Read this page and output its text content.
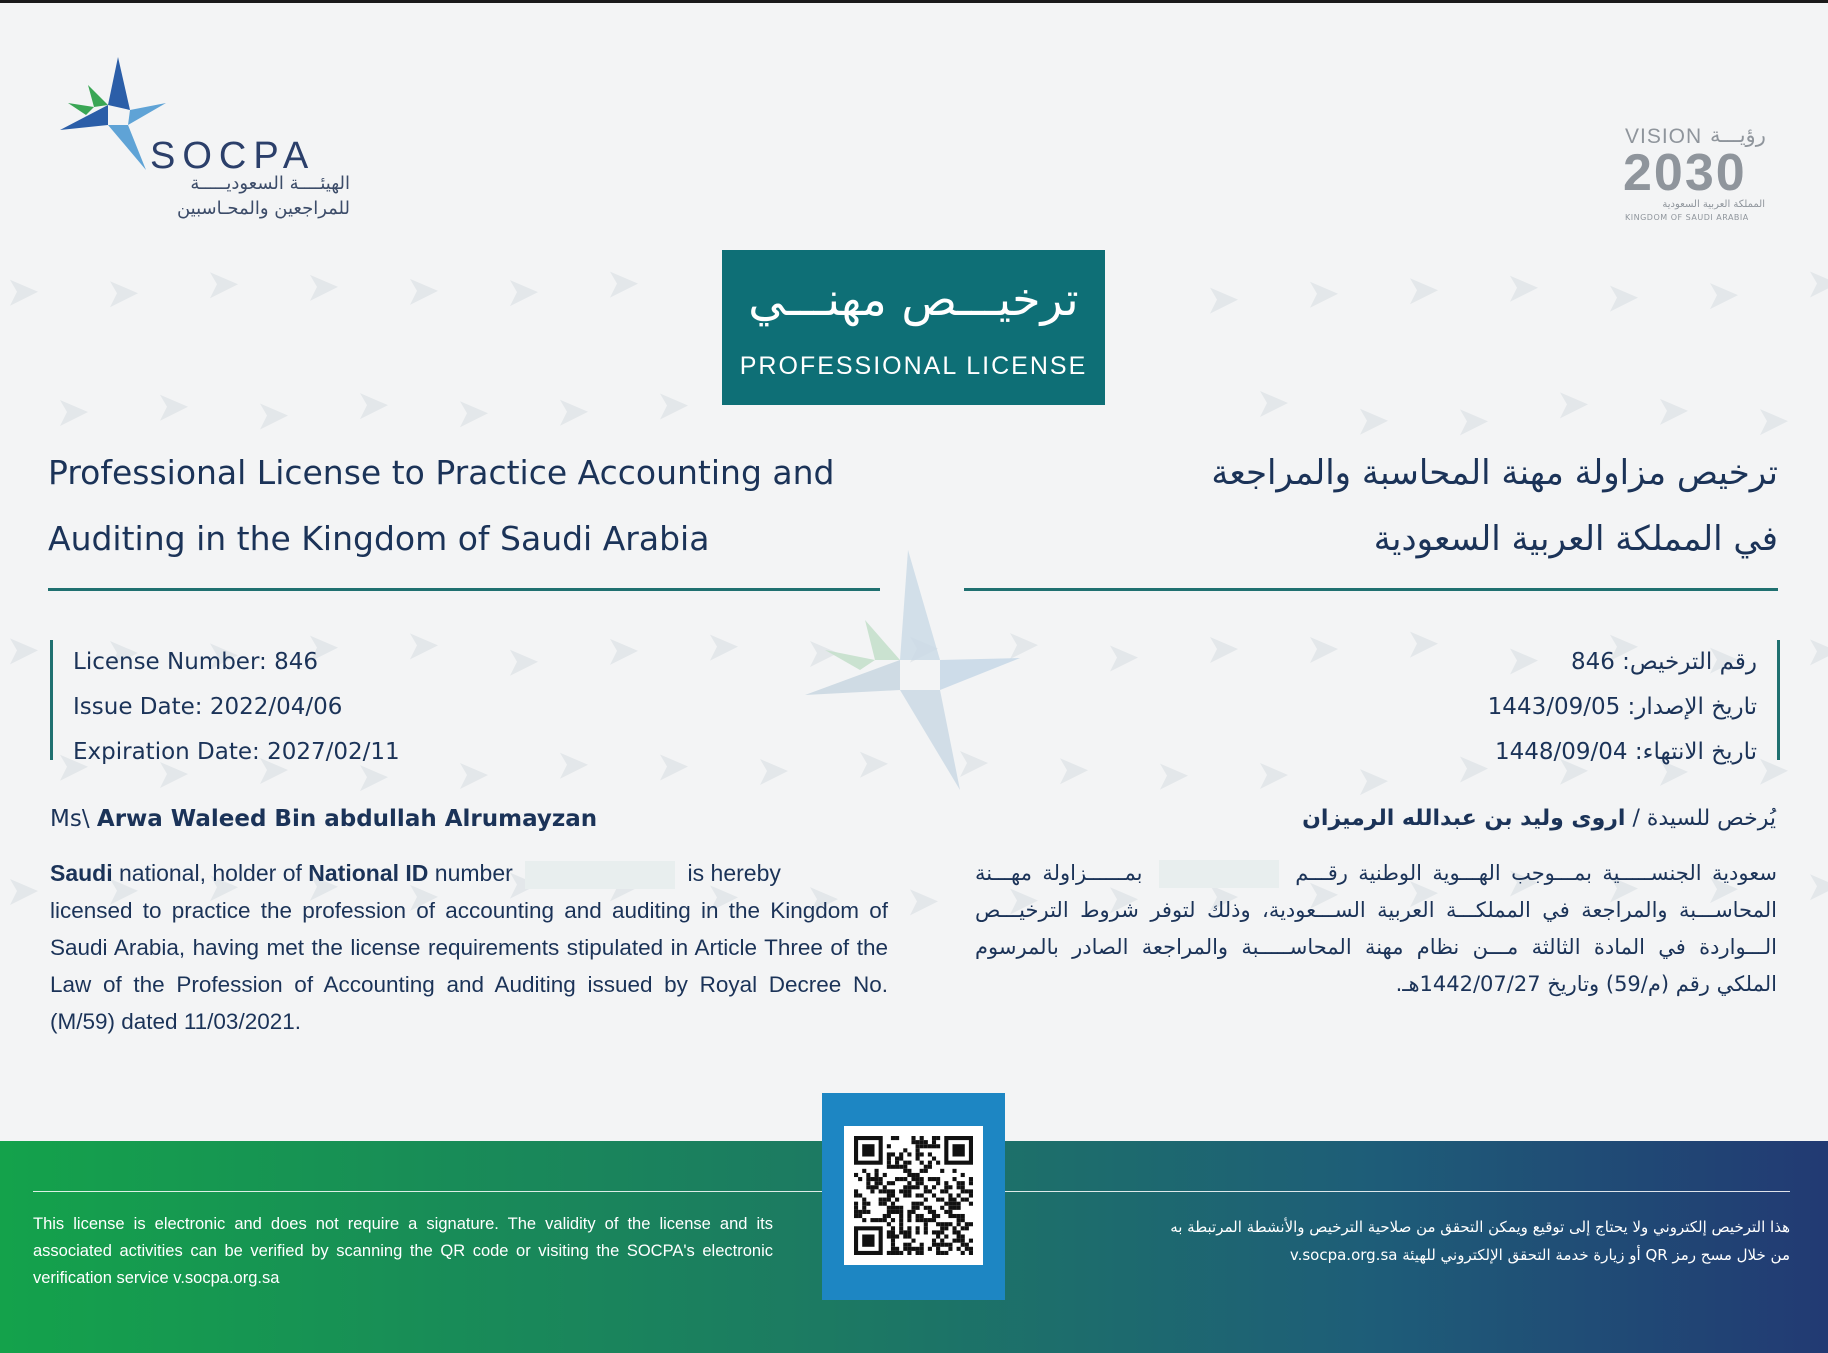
SOCPA
الهيئــــة السعوديـــــة
للمراجعين والمحـاسبين
VISION رؤيـــة
2030
المملكة العربية السعودية
KINGDOM OF SAUDI ARABIA
ترخيـــص مهنـــي
PROFESSIONAL LICENSE
Professional License to Practice Accounting and
Auditing in the Kingdom of Saudi Arabia
ترخيص مزاولة مهنة المحاسبة والمراجعة
في المملكة العربية السعودية
License Number: 846
Issue Date: 2022/04/06
Expiration Date: 2027/02/11
رقم الترخيص: 846
تاريخ الإصدار: 1443/09/05
تاريخ الانتهاء: 1448/09/04
Ms\ Arwa Waleed Bin abdullah Alrumayzan	يُرخص للسيدة / اروى وليد بن عبدالله الرميزان
Saudi national, holder of National ID number	is hereby
licensed to practice the profession of accounting and auditing in the Kingdom of Saudi Arabia, having met the license requirements stipulated in Article Three of the Law of the Profession of Accounting and Auditing issued by Royal Decree No. (M/59) dated 11/03/2021.
سعودية الجنســـــية بمـــوجب الهـــوية الوطنية رقـــم  بمــــــزاولة مهـــنة المحاســـبة والمراجعة في المملكـــة العربية الســـعودية، وذلك لتوفر شروط الترخيـــص الـــواردة في المادة الثالثة مـــن نظام مهنة المحاســـــبة والمراجعة الصادر بالمرسوم الملكي رقم (م/59) وتاريخ 1442/07/27هـ.
This license is electronic and does not require a signature. The validity of the license and its associated activities can be verified by scanning the QR code or visiting the SOCPA's electronic verification service v.socpa.org.sa
هذا الترخيص إلكتروني ولا يحتاج إلى توقيع ويمكن التحقق من صلاحية الترخيص والأنشطة المرتبطة به
من خلال مسح رمز QR أو زيارة خدمة التحقق الإلكتروني للهيئة v.socpa.org.sa
